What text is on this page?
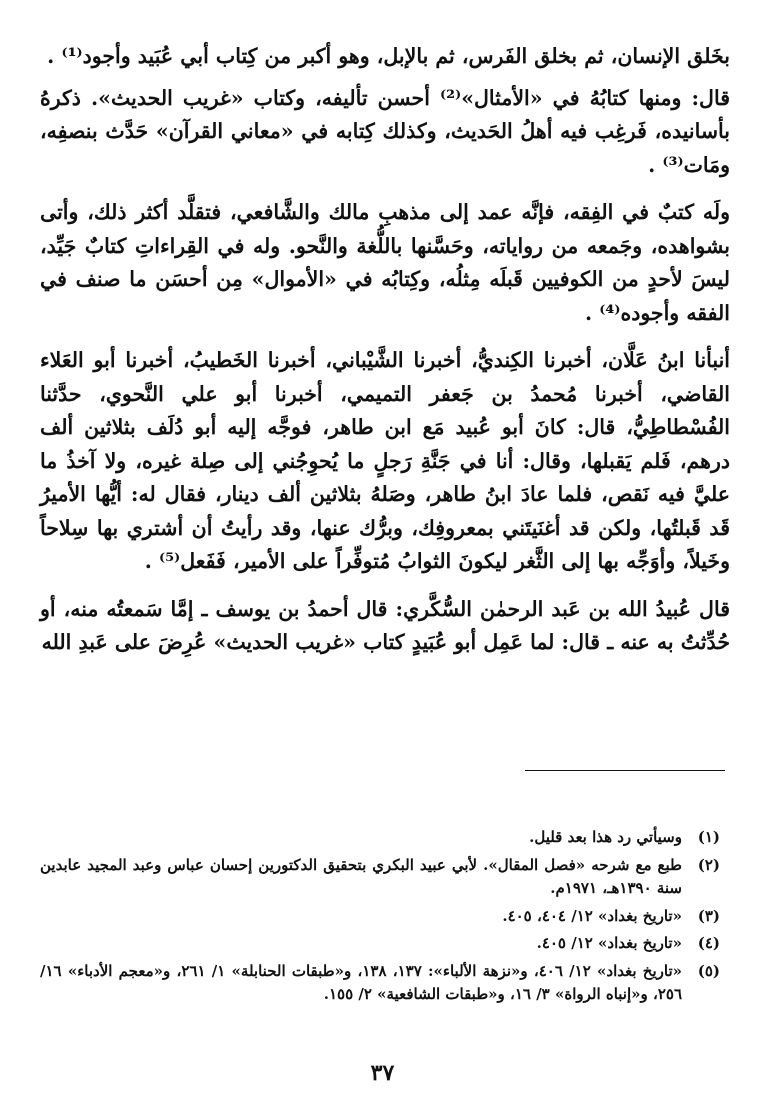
بخَلق الإنسان، ثم بخلق الفَرس، ثم بالإبل، وهو أكبر من كِتاب أبي عُبَيد وأجود⁽¹⁾ .

قال: ومنها كتابُهُ في «الأمثال»⁽²⁾ أحسن تأليفه، وكتاب «غريب الحديث». ذكرهُ بأسانيده، فَرغِب فيه أهلُ الحَديث، وكذلك كِتابه في «معاني القرآن» حَدَّث بنصفِه، ومَات⁽³⁾ .

ولَه كتبٌ في الفِقه، فإنَّه عمد إلى مذهبِ مالك والشَّافعي، فتقلَّد أكثر ذلك، وأتى بشواهده، وجَمعه من رواياته، وحَسَّنها باللُّغة والنَّحو. وله في القِراءاتِ كتابٌ جَيِّد، ليسَ لأحدٍ من الكوفيين قَبلَه مِثلُه، وكِتابُه في «الأموال» مِن أحسَن ما صنف في الفقه وأجوده⁽⁴⁾ .

أنبأنا ابنُ عَلَّان، أخبرنا الكِنديُّ، أخبرنا الشَّيْباني، أخبرنا الخَطيبُ، أخبرنا أبو العَلاء القاضي، أخبرنا مُحمدُ بن جَعفر التميمي، أخبرنا أبو علي النَّحوي، حدَّثنا الفُسْطاطِيُّ، قال: كانَ أبو عُبيد مَع ابن طاهر، فوجَّه إليه أبو دُلَف بثلاثين ألف درهم، فَلم يَقبلها، وقال: أنا في جَنَّةِ رَجلٍ ما يُحوِجُني إلى صِلة غيره، ولا آخذُ ما عليَّ فيه نَقص، فلما عادَ ابنُ طاهر، وصَلهُ بثلاثين ألف دينار، فقال له: أيُّها الأميرُ قَد قَبلتُها، ولكن قد أغنَيتَني بمعروفِك، وبرُّك عنها، وقد رأيتُ أن أشتري بها سِلاحاً وخَيلاً، وأوَجِّه بها إلى الثَّغر ليكونَ الثوابُ مُتوفِّراً على الأمير، فَفَعل⁽⁵⁾ .

قال عُبيدُ الله بن عَبد الرحمٰن السُّكَّري: قال أحمدُ بن يوسف ـ إمَّا سَمعتُه منه، أو حُدِّثتُ به عنه ـ قال: لما عَمِل أبو عُبَيدٍ كتاب «غريب الحديث» عُرِضَ على عَبدِ الله

(١)
وسيأتي رد هذا بعد قليل.
(٢)
طبع مع شرحه «فصل المقال». لأبي عبيد البكري بتحقيق الدكتورين إحسان عباس وعبد المجيد عابدين سنة ١٣٩٠هـ، ١٩٧١م.
(٣)
«تاريخ بغداد» ١٢/ ٤٠٤، ٤٠٥.
(٤)
«تاريخ بغداد» ١٢/ ٤٠٥.
(٥)
«تاريخ بغداد» ١٢/ ٤٠٦، و«نزهة الألباء»: ١٣٧، ١٣٨، و«طبقات الحنابلة» ١/ ٢٦١، و«معجم الأدباء» ١٦/ ٢٥٦، و«إنباه الرواة» ٣/ ١٦، و«طبقات الشافعية» ٢/ ١٥٥.
٣٧
